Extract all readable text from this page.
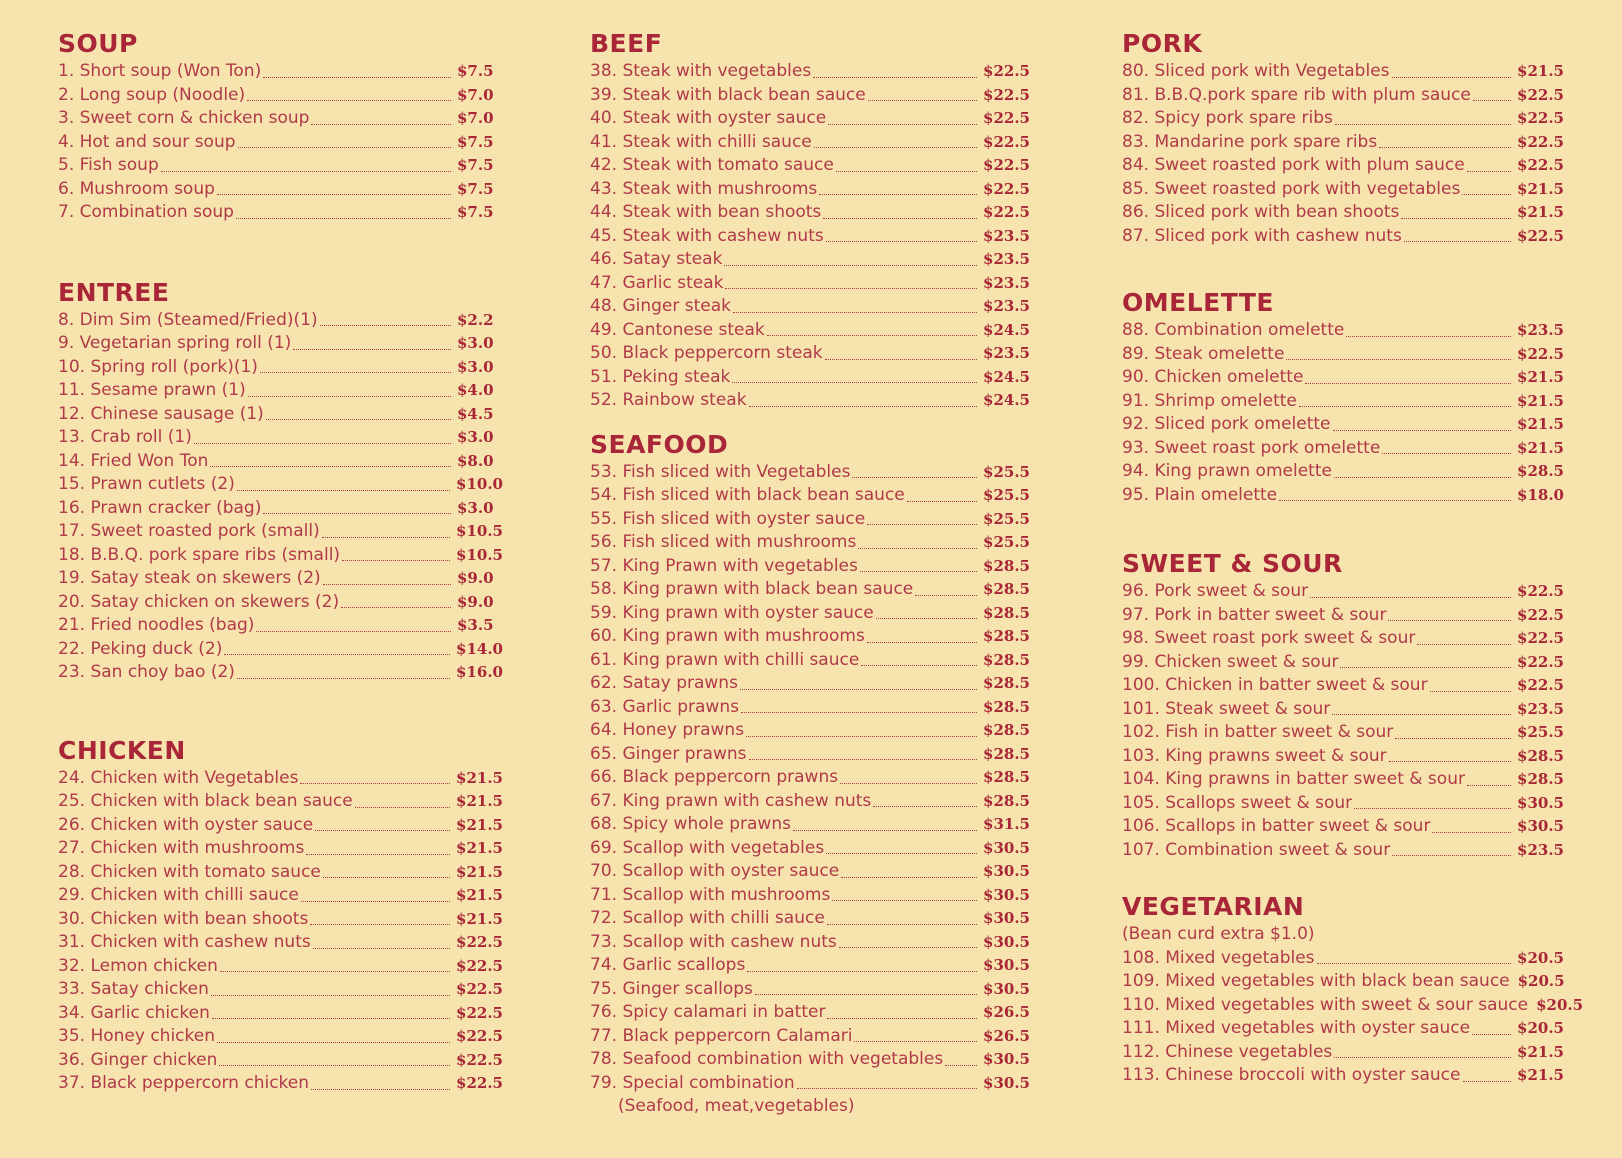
SOUP
1. Short soup (Won Ton)	$7.5
2. Long soup (Noodle)	$7.0
3. Sweet corn & chicken soup	$7.0
4. Hot and sour soup	$7.5
5. Fish soup	$7.5
6. Mushroom soup	$7.5
7. Combination soup	$7.5
ENTREE
8. Dim Sim (Steamed/Fried)(1)	$2.2
9. Vegetarian spring roll (1)	$3.0
10. Spring roll (pork)(1)	$3.0
11. Sesame prawn (1)	$4.0
12. Chinese sausage (1)	$4.5
13. Crab roll (1)	$3.0
14. Fried Won Ton	$8.0
15. Prawn cutlets (2)	$10.0
16. Prawn cracker (bag)	$3.0
17. Sweet roasted pork (small)	$10.5
18. B.B.Q. pork spare ribs (small)	$10.5
19. Satay steak on skewers (2)	$9.0
20. Satay chicken on skewers (2)	$9.0
21. Fried noodles (bag)	$3.5
22. Peking duck (2)	$14.0
23. San choy bao (2)	$16.0
CHICKEN
24. Chicken with Vegetables	$21.5
25. Chicken with black bean sauce	$21.5
26. Chicken with oyster sauce	$21.5
27. Chicken with mushrooms	$21.5
28. Chicken with tomato sauce	$21.5
29. Chicken with chilli sauce	$21.5
30. Chicken with bean shoots	$21.5
31. Chicken with cashew nuts	$22.5
32. Lemon chicken	$22.5
33. Satay chicken	$22.5
34. Garlic chicken	$22.5
35. Honey chicken	$22.5
36. Ginger chicken	$22.5
37. Black peppercorn chicken	$22.5
BEEF
38. Steak with vegetables	$22.5
39. Steak with black bean sauce	$22.5
40. Steak with oyster sauce	$22.5
41. Steak with chilli sauce	$22.5
42. Steak with tomato sauce	$22.5
43. Steak with mushrooms	$22.5
44. Steak with bean shoots	$22.5
45. Steak with cashew nuts	$23.5
46. Satay steak	$23.5
47. Garlic steak	$23.5
48. Ginger steak	$23.5
49. Cantonese steak	$24.5
50. Black peppercorn steak	$23.5
51. Peking steak	$24.5
52. Rainbow steak	$24.5
SEAFOOD
53. Fish sliced with Vegetables	$25.5
54. Fish sliced with black bean sauce	$25.5
55. Fish sliced with oyster sauce	$25.5
56. Fish sliced with mushrooms	$25.5
57. King Prawn with vegetables	$28.5
58. King prawn with black bean sauce	$28.5
59. King prawn with oyster sauce	$28.5
60. King prawn with mushrooms	$28.5
61. King prawn with chilli sauce	$28.5
62. Satay prawns	$28.5
63. Garlic prawns	$28.5
64. Honey prawns	$28.5
65. Ginger prawns	$28.5
66. Black peppercorn prawns	$28.5
67. King prawn with cashew nuts	$28.5
68. Spicy whole prawns	$31.5
69. Scallop with vegetables	$30.5
70. Scallop with oyster sauce	$30.5
71. Scallop with mushrooms	$30.5
72. Scallop with chilli sauce	$30.5
73. Scallop with cashew nuts	$30.5
74. Garlic scallops	$30.5
75. Ginger scallops	$30.5
76. Spicy calamari in batter	$26.5
77. Black peppercorn Calamari	$26.5
78. Seafood combination with vegetables	$30.5
79. Special combination	$30.5
(Seafood, meat,vegetables)
PORK
80. Sliced pork with Vegetables	$21.5
81. B.B.Q.pork spare rib with plum sauce	$22.5
82. Spicy pork spare ribs	$22.5
83. Mandarine pork spare ribs	$22.5
84. Sweet roasted pork with plum sauce	$22.5
85. Sweet roasted pork with vegetables	$21.5
86. Sliced pork with bean shoots	$21.5
87. Sliced pork with cashew nuts	$22.5
OMELETTE
88. Combination omelette	$23.5
89. Steak omelette	$22.5
90. Chicken omelette	$21.5
91. Shrimp omelette	$21.5
92. Sliced pork omelette	$21.5
93. Sweet roast pork omelette	$21.5
94. King prawn omelette	$28.5
95. Plain omelette	$18.0
SWEET & SOUR
96. Pork sweet & sour	$22.5
97. Pork in batter sweet & sour	$22.5
98. Sweet roast pork sweet & sour	$22.5
99. Chicken sweet & sour	$22.5
100. Chicken in batter sweet & sour	$22.5
101. Steak sweet & sour	$23.5
102. Fish in batter sweet & sour	$25.5
103. King prawns sweet & sour	$28.5
104. King prawns in batter sweet & sour	$28.5
105. Scallops sweet & sour	$30.5
106. Scallops in batter sweet & sour	$30.5
107. Combination sweet & sour	$23.5
VEGETARIAN
(Bean curd extra $1.0)
108. Mixed vegetables	$20.5
109. Mixed vegetables with black bean sauce $20.5
110. Mixed vegetables with sweet & sour sauce $20.5
111. Mixed vegetables with oyster sauce	$20.5
112. Chinese vegetables	$21.5
113. Chinese broccoli with oyster sauce	$21.5
